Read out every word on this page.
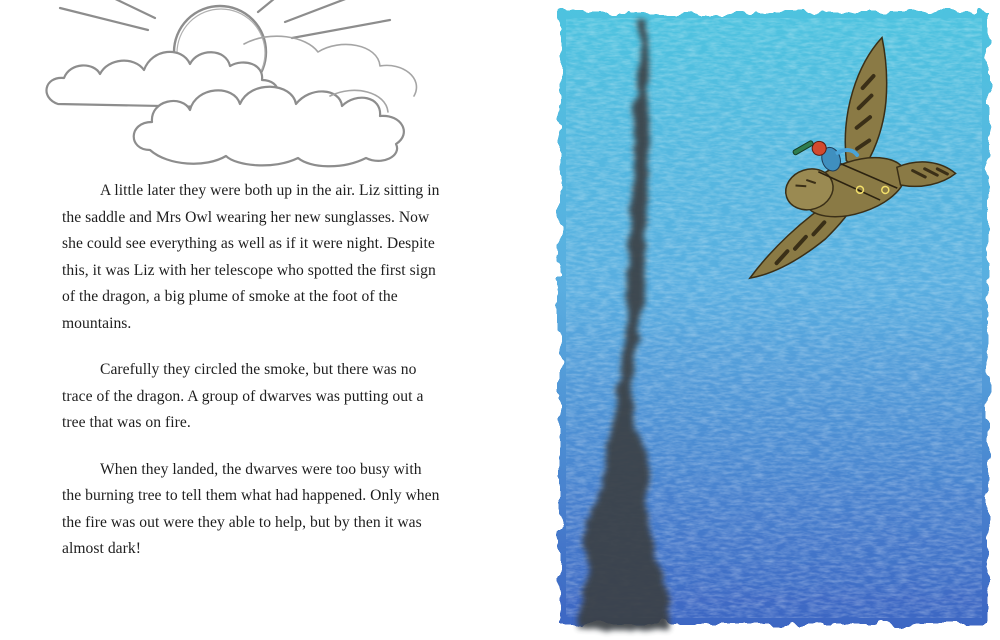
A little later they were both up in the air. Liz sitting in the saddle and Mrs Owl wearing her new sunglasses. Now she could see everything as well as if it were night. Despite this, it was Liz with her telescope who spotted the first sign of the dragon, a big plume of smoke at the foot of the mountains.

Carefully they circled the smoke, but there was no trace of the dragon. A group of dwarves was putting out a tree that was on fire.

When they landed, the dwarves were too busy with the burning tree to tell them what had happened. Only when the fire was out were they able to help, but by then it was almost dark!
